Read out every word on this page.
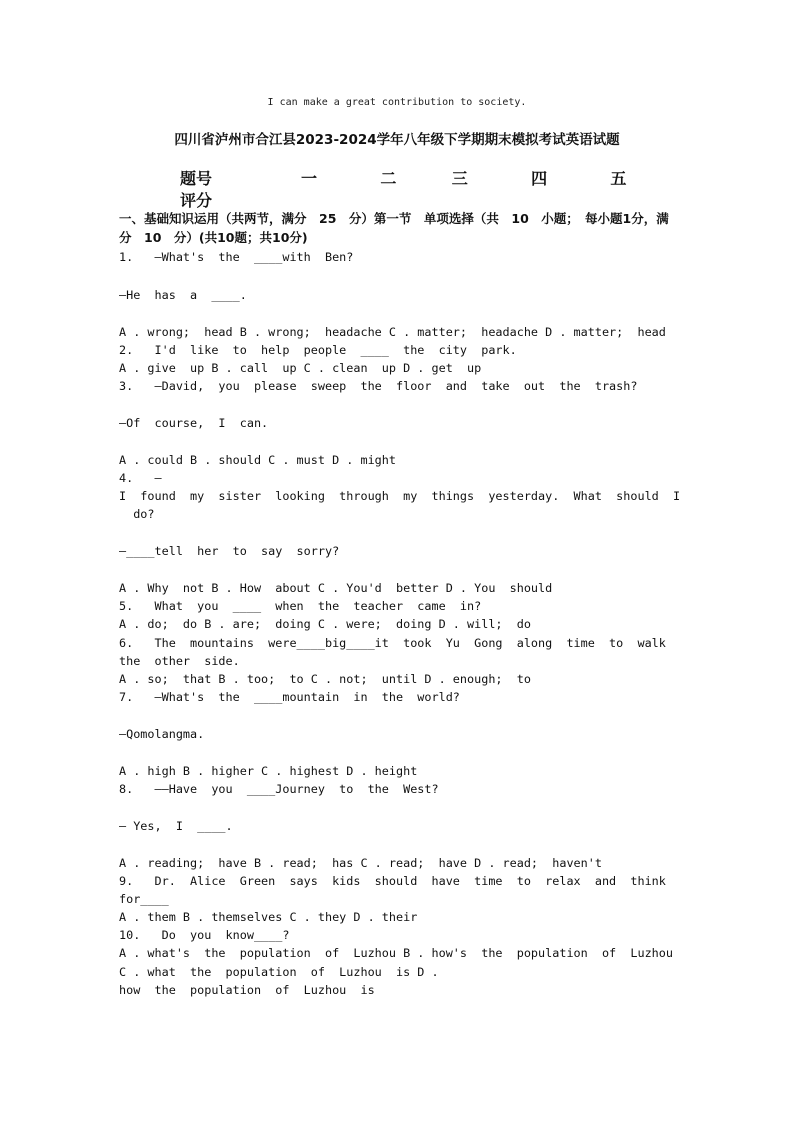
I can make a great contribution to society.
四川省泸州市合江县2023-2024学年八年级下学期期末模拟考试英语试题
题号	一	二	三	四	五
评分
一、基础知识运用（共两节，满分　25　分）第一节　单项选择（共　10　小题；　每小题1分，满分　10　分）(共10题；共10分)
1.   —What's  the  ____with  Ben?
—He  has  a  ____.
A . wrong;  head B . wrong;  headache C . matter;  headache D . matter;  head
2.   I'd  like  to  help  people  ____  the  city  park.
A . give  up B . call  up C . clean  up D . get  up
3.   —David,  you  please  sweep  the  floor  and  take  out  the  trash?
—Of  course,  I  can.
A . could B . should C . must D . might
4.   —
I  found  my  sister  looking  through  my  things  yesterday.  What  should  I
do?
—____tell  her  to  say  sorry?
A . Why  not B . How  about C . You'd  better D . You  should
5.   What  you  ____  when  the  teacher  came  in?
A . do;  do B . are;  doing C . were;  doing D . will;  do
6.   The  mountains  were____big____it  took  Yu  Gong  along  time  to  walk
the  other  side.
A . so;  that B . too;  to C . not;  until D . enough;  to
7.   —What's  the  ____mountain  in  the  world?
—Qomolangma.
A . high B . higher C . highest D . height
8.   ——Have  you  ____Journey  to  the  West?
— Yes,  I  ____.
A . reading;  have B . read;  has C . read;  have D . read;  haven't
9.   Dr.  Alice  Green  says  kids  should  have  time  to  relax  and  think
for____
A . them B . themselves C . they D . their
10.   Do  you  know____?
A . what's  the  population  of  Luzhou B . how's  the  population  of  Luzhou
C . what  the  population  of  Luzhou  is D .
how  the  population  of  Luzhou  is
